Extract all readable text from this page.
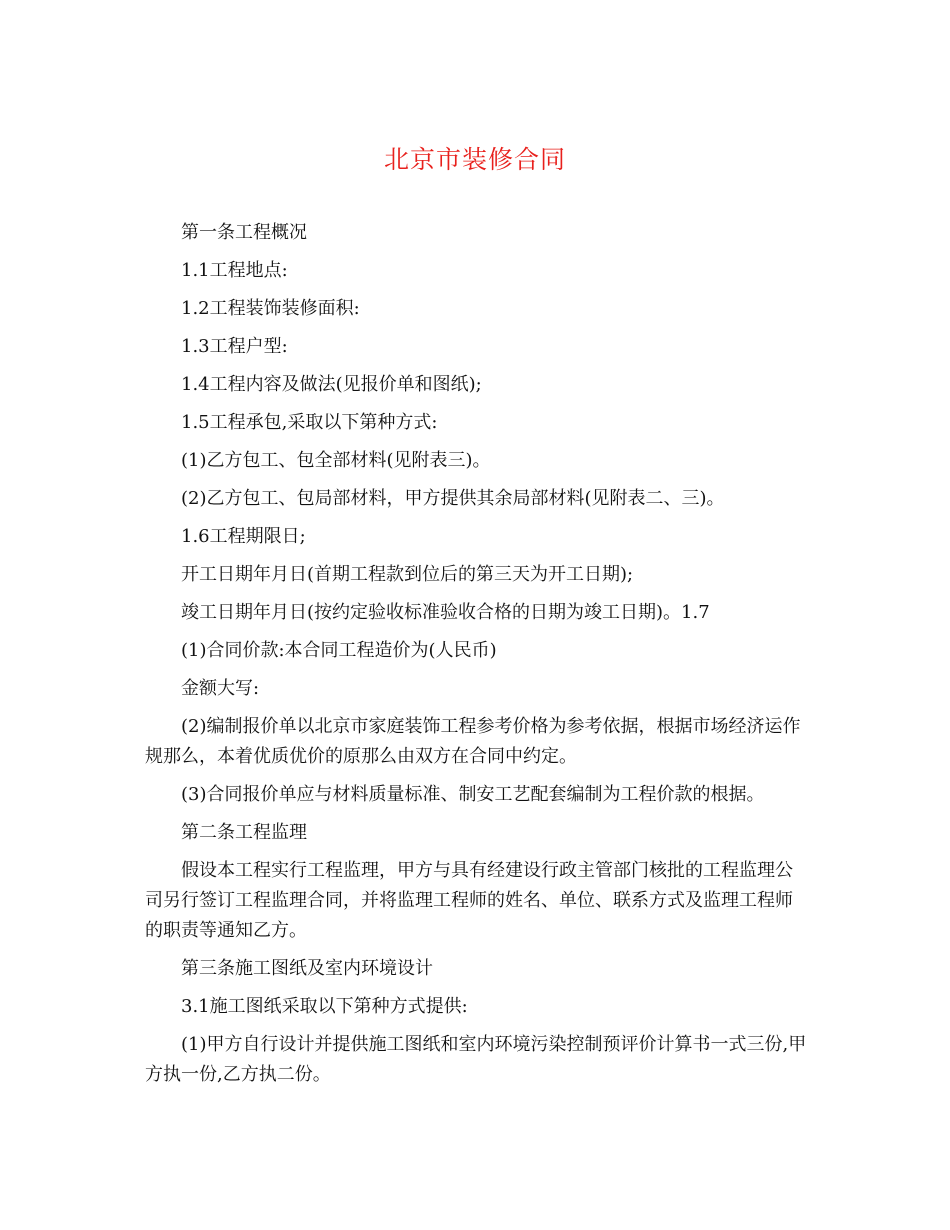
北京市装修合同

第一条工程概况

1.1工程地点:

1.2工程装饰装修面积:

1.3工程户型:

1.4工程内容及做法(见报价单和图纸);

1.5工程承包,采取以下第种方式:

(1)乙方包工、包全部材料(见附表三)。

(2)乙方包工、包局部材料，甲方提供其余局部材料(见附表二、三)。

1.6工程期限日;

开工日期年月日(首期工程款到位后的第三天为开工日期);

竣工日期年月日(按约定验收标准验收合格的日期为竣工日期)。1.7

(1)合同价款:本合同工程造价为(人民币)

金额大写:

(2)编制报价单以北京市家庭装饰工程参考价格为参考依据，根据市场经济运作规那么，本着优质优价的原那么由双方在合同中约定。

(3)合同报价单应与材料质量标准、制安工艺配套编制为工程价款的根据。

第二条工程监理

假设本工程实行工程监理，甲方与具有经建设行政主管部门核批的工程监理公司另行签订工程监理合同，并将监理工程师的姓名、单位、联系方式及监理工程师的职责等通知乙方。

第三条施工图纸及室内环境设计

3.1施工图纸采取以下第种方式提供:

(1)甲方自行设计并提供施工图纸和室内环境污染控制预评价计算书一式三份,甲方执一份,乙方执二份。
